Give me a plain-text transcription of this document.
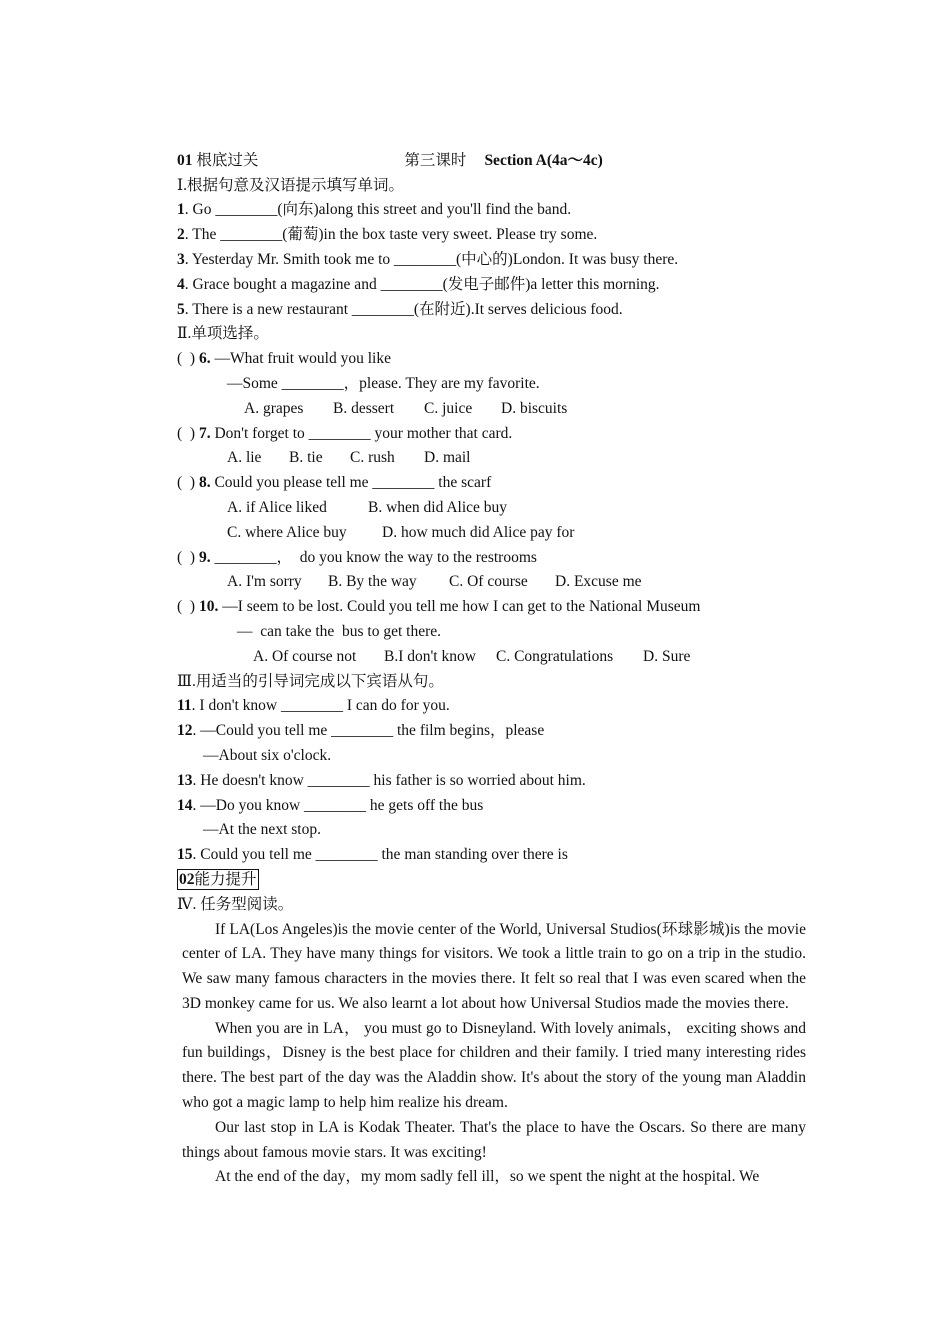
第三课时 Section A(4a～4c)

01 根底过关
Ⅰ.根据句意及汉语提示填写单词。
1. Go ________(向东)along this street and you'll find the band.
2. The ________(葡萄)in the box taste very sweet. Please try some.
3. Yesterday Mr. Smith took me to ________(中心的)London. It was busy there.
4. Grace bought a magazine and ________(发电子邮件)a letter this morning.
5. There is a new restaurant ________(在附近).It serves delicious food.
Ⅱ.单项选择。
(  ) 6. —What fruit would you like
—Some ________，please. They are my favorite.
A. grapes B. dessert C. juice D. biscuits
(  ) 7. Don't forget to ________ your mother that card.
A. lie B. tie C. rush D. mail
(  ) 8. Could you please tell me ________ the scarf
A. if Alice liked	B. when did Alice buy
C. where Alice buy D. how much did Alice pay for
(  ) 9. ________，  do you know the way to the restrooms
A. I'm sorry B. By the way C. Of course D. Excuse me
(  ) 10. —I seem to be lost. Could you tell me how I can get to the National Museum
—  can take the  bus to get there.
A. Of course not B.I don't know C. Congratulations D. Sure
Ⅲ.用适当的引导词完成以下宾语从句。
11. I don't know ________ I can do for you.
12. —Could you tell me ________ the film begins，please
—About six o'clock.
13. He doesn't know ________ his father is so worried about him.
14. —Do you know ________ he gets off the bus
—At the next stop.
15. Could you tell me ________ the man standing over there is
02能力提升
Ⅳ. 任务型阅读。

If LA(Los Angeles)is the movie center of the World, Universal Studios(环球影城)is the movie center of LA. They have many things for visitors. We took a little train to go on a trip in the studio. We saw many famous characters in the movies there. It felt so real that I was even scared when the 3D monkey came for us. We also learnt a lot about how Universal Studios made the movies there.

When you are in LA， you must go to Disneyland. With lovely animals， exciting shows and fun buildings，Disney is the best place for children and their family. I tried many interesting rides there. The best part of the day was the Aladdin show. It's about the story of the young man Aladdin who got a magic lamp to help him realize his dream.

Our last stop in LA is Kodak Theater. That's the place to have the Oscars. So there are many things about famous movie stars. It was exciting!

At the end of the day，my mom sadly fell ill，so we spent the night at the hospital. We
